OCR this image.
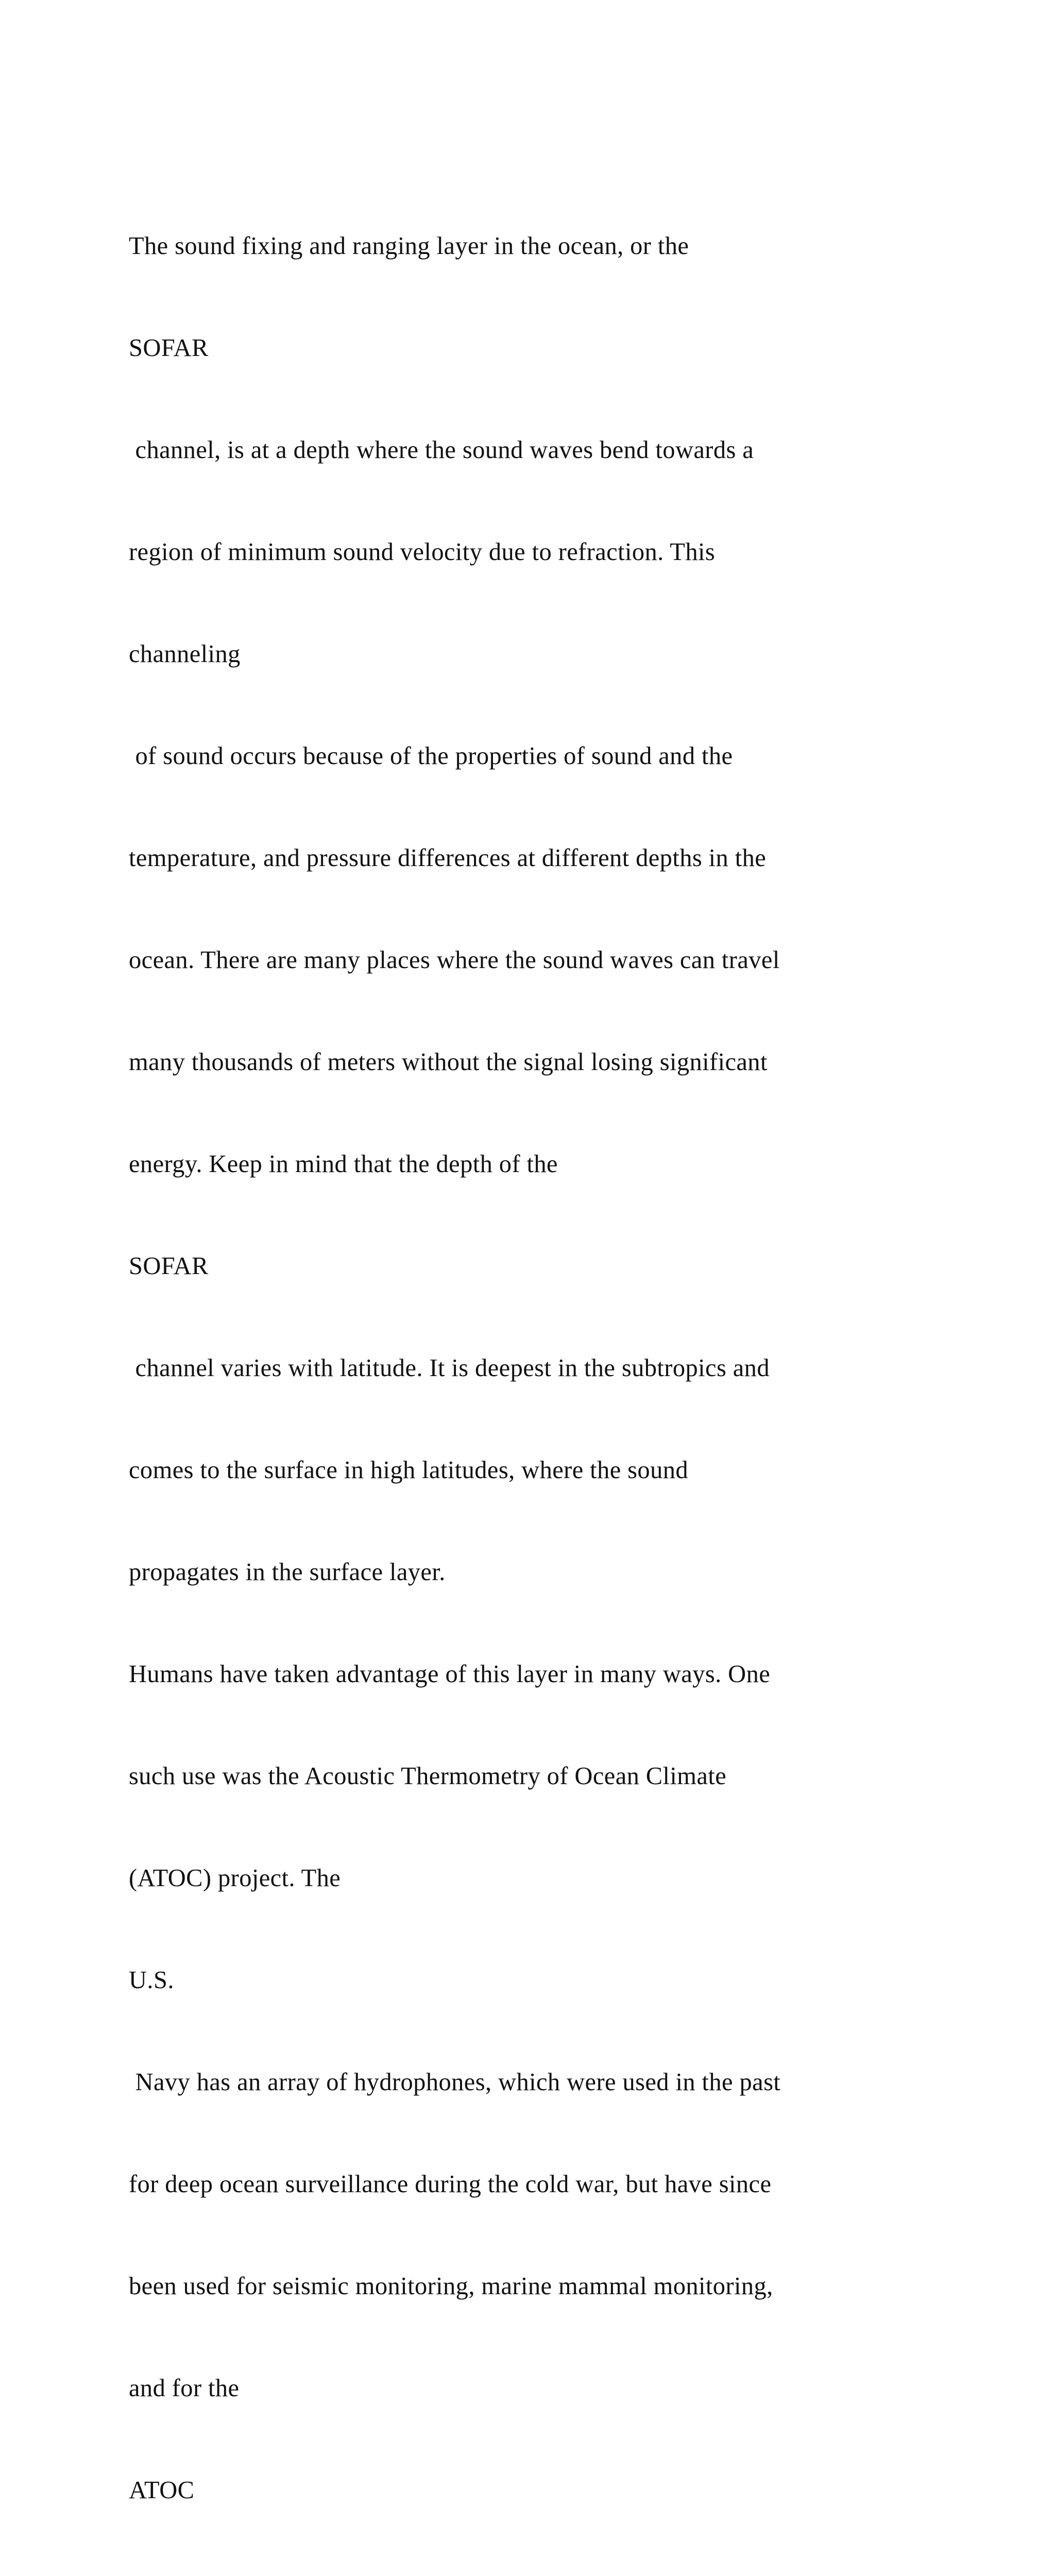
The sound fixing and ranging layer in the ocean, or the

SOFAR

channel, is at a depth where the sound waves bend towards a

region of minimum sound velocity due to refraction. This

channeling

of sound occurs because of the properties of sound and the

temperature, and pressure differences at different depths in the

ocean. There are many places where the sound waves can travel

many thousands of meters without the signal losing significant

energy. Keep in mind that the depth of the

SOFAR

channel varies with latitude. It is deepest in the subtropics and

comes to the surface in high latitudes, where the sound

propagates in the surface layer.

Humans have taken advantage of this layer in many ways. One

such use was the Acoustic Thermometry of Ocean Climate

(ATOC) project. The

U.S.

Navy has an array of hydrophones, which were used in the past

for deep ocean surveillance during the cold war, but have since

been used for seismic monitoring, marine mammal monitoring,

and for the

ATOC
